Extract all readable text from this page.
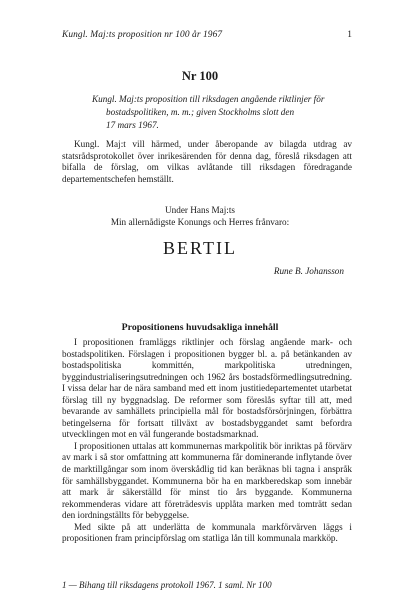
Kungl. Maj:ts proposition nr 100 år 1967	1
Nr 100
Kungl. Maj:ts proposition till riksdagen angående riktlinjer för
bostadspolitiken, m. m.; given Stockholms slott den
17 mars 1967.

Kungl. Maj:t vill härmed, under åberopande av bilagda utdrag av statsrådsprotokollet över inrikesärenden för denna dag, föreslå riksdagen att bifalla de förslag, om vilkas avlåtande till riksdagen föredragande departementschefen hemställt.

Under Hans Maj:ts
Min allernådigste Konungs och Herres frånvaro:
BERTIL
Rune B. Johansson
Propositionens huvudsakliga innehåll

I propositionen framläggs riktlinjer och förslag angående mark- och bostadspolitiken. Förslagen i propositionen bygger bl. a. på betänkanden av bostadspolitiska kommittén, markpolitiska utredningen, byggindustrialiseringsutredningen och 1962 års bostadsförmedlingsutredning. I vissa delar har de nära samband med ett inom justitiedepartementet utarbetat förslag till ny byggnadslag. De reformer som föreslås syftar till att, med bevarande av samhällets principiella mål för bostadsförsörjningen, förbättra betingelserna för fortsatt tillväxt av bostadsbyggandet samt befordra utvecklingen mot en väl fungerande bostadsmarknad.

I propositionen uttalas att kommunernas markpolitik bör inriktas på förvärv av mark i så stor omfattning att kommunerna får dominerande inflytande över de marktillgångar som inom överskådlig tid kan beräknas bli tagna i anspråk för samhällsbyggandet. Kommunerna bör ha en markberedskap som innebär att mark är säkerställd för minst tio års byggande. Kommunerna rekommenderas vidare att företrädesvis upplåta marken med tomträtt sedan den iordningställts för bebyggelse.

Med sikte på att underlätta de kommunala markförvärven läggs i propositionen fram principförslag om statliga lån till kommunala markköp.

1 — Bihang till riksdagens protokoll 1967. 1 saml. Nr 100
